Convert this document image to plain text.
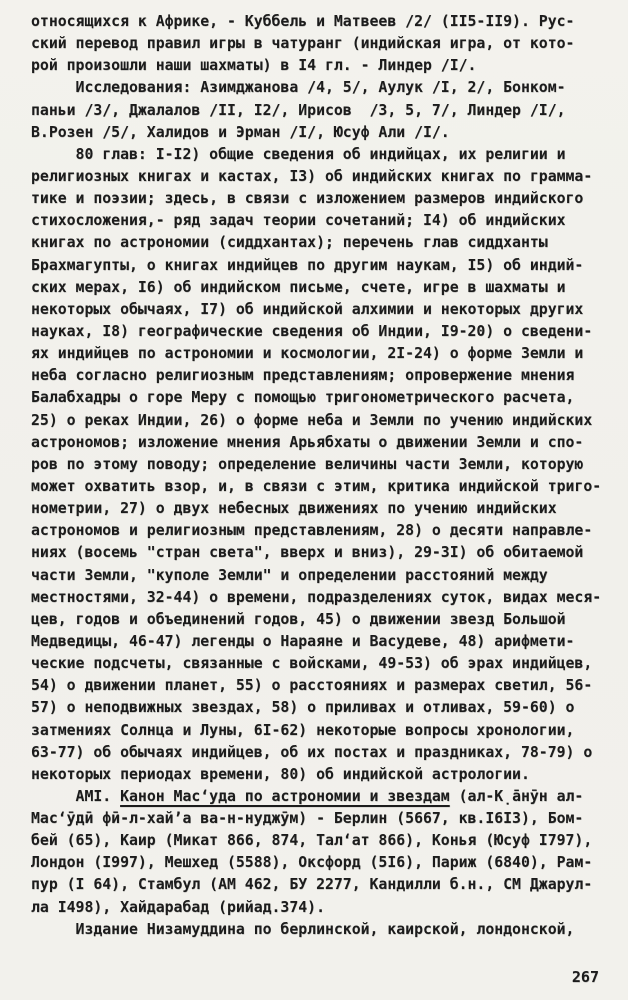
относящихся к Африке, - Куббель и Матвеев /2/ (II5-II9). Рус-
ский перевод правил игры в чатуранг (индийская игра, от кото-
рой произошли наши шахматы) в I4 гл. - Линдер /I/.
Исследования: Азимджанова /4, 5/, Аулук /I, 2/, Бонком-
паньи /3/, Джалалов /II, I2/, Ирисов  /3, 5, 7/, Линдер /I/,
В.Розен /5/, Халидов и Эрман /I/, Юсуф Али /I/.
80 глав: I-I2) общие сведения об индийцах, их религии и
религиозных книгах и кастах, I3) об индийских книгах по грамма-
тике и поэзии; здесь, в связи с изложением размеров индийского
стихосложения,- ряд задач теории сочетаний; I4) об индийских
книгах по астрономии (сиддхантах); перечень глав сиддханты
Брахмагупты, о книгах индийцев по другим наукам, I5) об индий-
ских мерах, I6) об индийском письме, счете, игре в шахматы и
некоторых обычаях, I7) об индийской алхимии и некоторых других
науках, I8) географические сведения об Индии, I9-20) о сведени-
ях индийцев по астрономии и космологии, 2I-24) о форме Земли и
неба согласно религиозным представлениям; опровержение мнения
Балабхадры о горе Меру с помощью тригонометрического расчета,
25) о реках Индии, 26) о форме неба и Земли по учению индийских
астрономов; изложение мнения Арьябхаты о движении Земли и спо-
ров по этому поводу; определение величины части Земли, которую
может охватить взор, и, в связи с этим, критика индийской триго-
нометрии, 27) о двух небесных движениях по учению индийских
астрономов и религиозным представлениям, 28) о десяти направле-
ниях (восемь "стран света", вверх и вниз), 29-3I) об обитаемой
части Земли, "куполе Земли" и определении расстояний между
местностями, 32-44) о времени, подразделениях суток, видах меся-
цев, годов и объединений годов, 45) о движении звезд Большой
Медведицы, 46-47) легенды о Нараяне и Васудеве, 48) арифмети-
ческие подсчеты, связанные с войсками, 49-53) об эрах индийцев,
54) о движении планет, 55) о расстояниях и размерах светил, 56-
57) о неподвижных звездах, 58) о приливах и отливах, 59-60) о
затмениях Солнца и Луны, 6I-62) некоторые вопросы хронологии,
63-77) об обычаях индийцев, об их постах и праздниках, 78-79) о
некоторых периодах времени, 80) об индийской астрологии.
АМI. Канон Мас‘уда по астрономии и звездам (ал-К̣а̄нӯн ал-
Мас‘ӯдӣ фӣ-л-хай’а ва-н-нуджӯм) - Берлин (5667, кв.I6I3), Бом-
бей (65), Каир (Микат 866, 874, Тал‘ат 866), Конья (Юсуф I797),
Лондон (I997), Мешхед (5588), Оксфорд (5I6), Париж (6840), Рам-
пур (I 64), Стамбул (АМ 462, БУ 2277, Кандилли б.н., СМ Джарул-
ла I498), Хайдарабад (рийад.374).
Издание Низамуддина по берлинской, каирской, лондонской,
267
